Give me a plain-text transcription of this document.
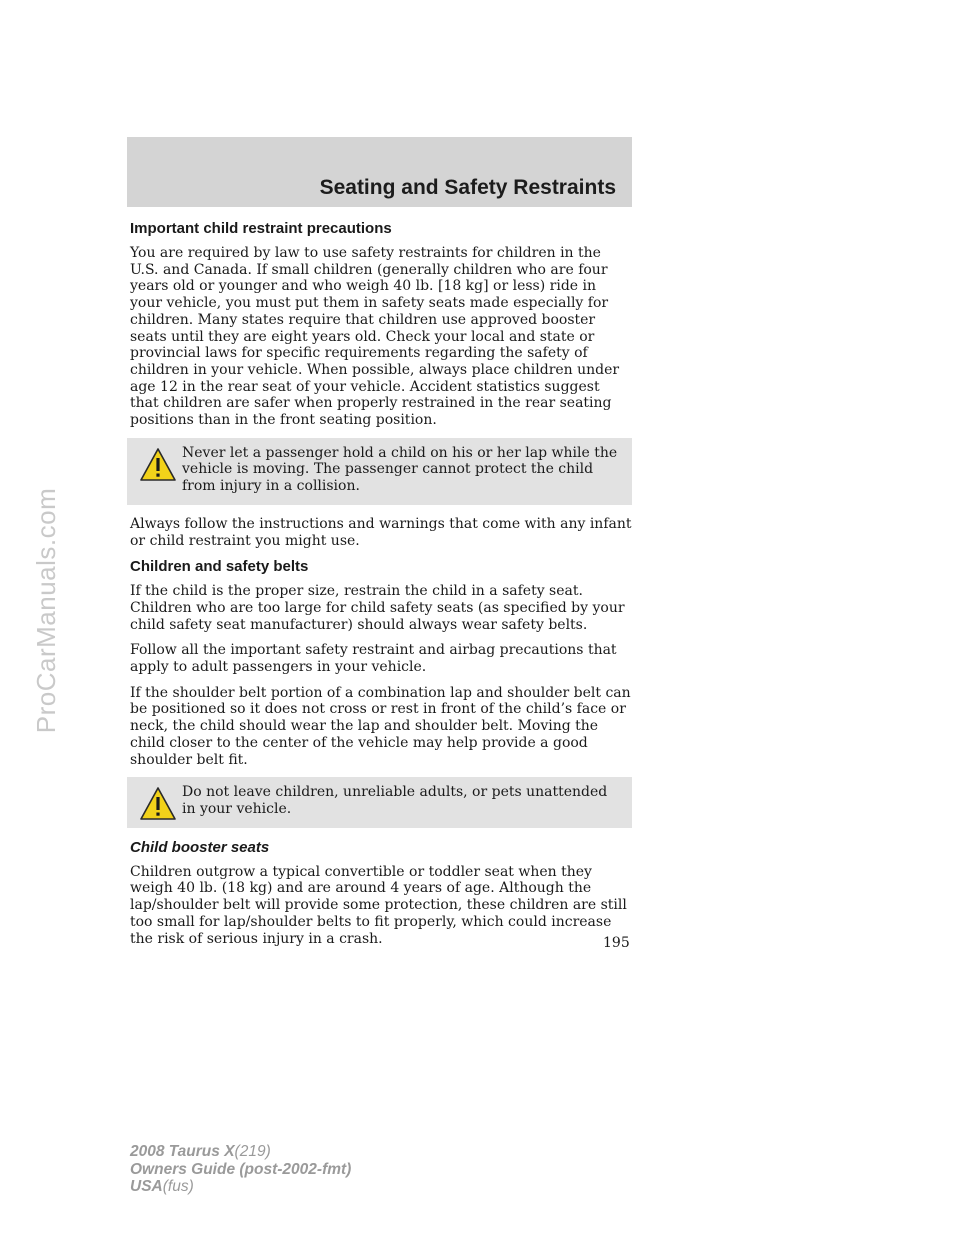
ProCarManuals.com
Seating and Safety Restraints
Important child restraint precautions

You are required by law to use safety restraints for children in the U.S. and Canada. If small children (generally children who are four years old or younger and who weigh 40 lb. [18 kg] or less) ride in your vehicle, you must put them in safety seats made especially for children. Many states require that children use approved booster seats until they are eight years old. Check your local and state or provincial laws for specific requirements regarding the safety of children in your vehicle. When possible, always place children under age 12 in the rear seat of your vehicle. Accident statistics suggest that children are safer when properly restrained in the rear seating positions than in the front seating position.

Never let a passenger hold a child on his or her lap while the vehicle is moving. The passenger cannot protect the child from injury in a collision.

Always follow the instructions and warnings that come with any infant or child restraint you might use.

Children and safety belts

If the child is the proper size, restrain the child in a safety seat. Children who are too large for child safety seats (as specified by your child safety seat manufacturer) should always wear safety belts.

Follow all the important safety restraint and airbag precautions that apply to adult passengers in your vehicle.

If the shoulder belt portion of a combination lap and shoulder belt can be positioned so it does not cross or rest in front of the child’s face or neck, the child should wear the lap and shoulder belt. Moving the child closer to the center of the vehicle may help provide a good shoulder belt fit.

Do not leave children, unreliable adults, or pets unattended in your vehicle.
Child booster seats

Children outgrow a typical convertible or toddler seat when they weigh 40 lb. (18 kg) and are around 4 years of age. Although the lap/shoulder belt will provide some protection, these children are still too small for lap/shoulder belts to fit properly, which could increase the risk of serious injury in a crash.	195
2008 Taurus X(219)
Owners Guide (post-2002-fmt)
USA(fus)
